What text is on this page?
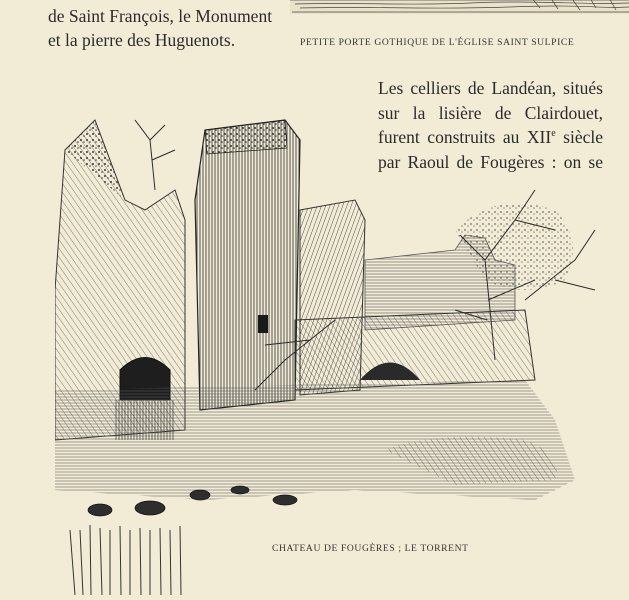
de Saint François, le Monument
et la pierre des Huguenots.	PETITE PORTE GOTHIQUE DE L'ÉGLISE SAINT SULPICE
Les celliers de Landéan, situés
sur la lisière de Clairdouet,
furent construits au XIIe siècle
par Raoul de Fougères : on se
CHATEAU DE FOUGÈRES ; LE TORRENT
